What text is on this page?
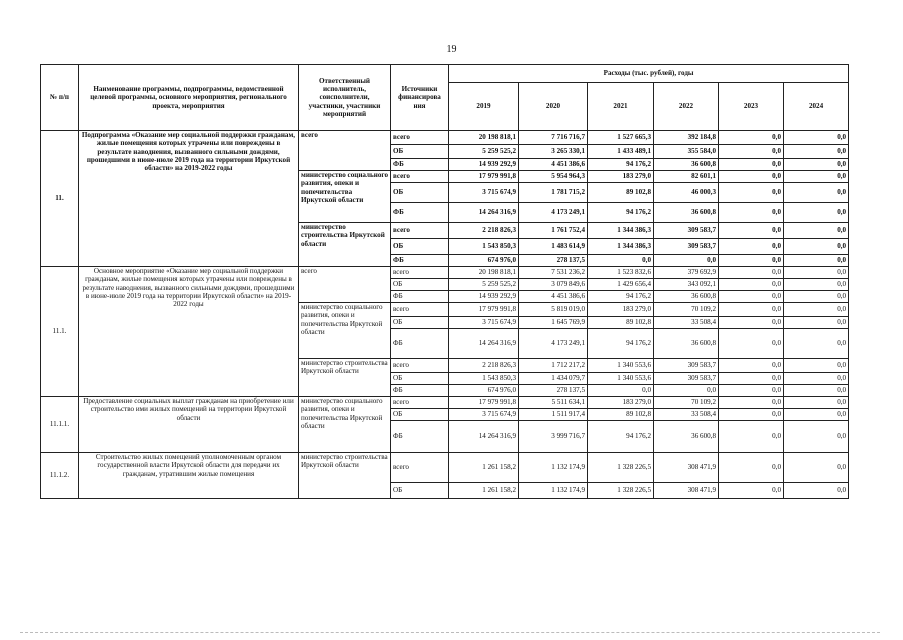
19
№ п/п	Наименование программы, подпрограммы, ведомственной целевой программы, основного мероприятия, регионального проекта, мероприятия	Ответственный исполнитель, соисполнители, участники, участники мероприятий	Источники финансирова ния	Расходы (тыс. рублей), годы					
				2019	2020	2021	2022	2023	2024
11.	Подпрограмма «Оказание мер социальной поддержки гражданам, жилые помещения которых утрачены или повреждены в результате наводнения, вызванного сильными дождями, прошедшими в июне-июле 2019 года на территории Иркутской области» на 2019-2022 годы	всего	всего	20 198 818,1	7 716 716,7	1 527 665,3	392 184,8	0,0	0,0
			ОБ	5 259 525,2	3 265 330,1	1 433 489,1	355 584,0	0,0	0,0
			ФБ	14 939 292,9	4 451 386,6	94 176,2	36 600,8	0,0	0,0
		министерство социального развития, опеки и попечительства Иркутской области	всего	17 979 991,8	5 954 964,3	183 279,0	82 601,1	0,0	0,0
			ОБ	3 715 674,9	1 781 715,2	89 102,8	46 000,3	0,0	0,0
			ФБ	14 264 316,9	4 173 249,1	94 176,2	36 600,8	0,0	0,0
		министерство строительства Иркутской области	всего	2 218 826,3	1 761 752,4	1 344 386,3	309 583,7	0,0	0,0
			ОБ	1 543 850,3	1 483 614,9	1 344 386,3	309 583,7	0,0	0,0
			ФБ	674 976,0	278 137,5	0,0	0,0	0,0	0,0
11.1.	Основное мероприятие «Оказание мер социальной поддержки гражданам, жилые помещения которых утрачены или повреждены в результате наводнения, вызванного сильными дождями, прошедшими в июне-июле 2019 года на территории Иркутской области» на 2019-2022 годы	всего	всего	20 198 818,1	7 531 236,2	1 523 832,6	379 692,9	0,0	0,0
			ОБ	5 259 525,2	3 079 849,6	1 429 656,4	343 092,1	0,0	0,0
			ФБ	14 939 292,9	4 451 386,6	94 176,2	36 600,8	0,0	0,0
		министерство социального развития, опеки и попечительства Иркутской области	всего	17 979 991,8	5 819 019,0	183 279,0	70 109,2	0,0	0,0
			ОБ	3 715 674,9	1 645 769,9	89 102,8	33 508,4	0,0	0,0
			ФБ	14 264 316,9	4 173 249,1	94 176,2	36 600,8	0,0	0,0
		министерство строительства Иркутской области	всего	2 218 826,3	1 712 217,2	1 340 553,6	309 583,7	0,0	0,0
			ОБ	1 543 850,3	1 434 079,7	1 340 553,6	309 583,7	0,0	0,0
			ФБ	674 976,0	278 137,5	0,0	0,0	0,0	0,0
11.1.1.	Предоставление социальных выплат гражданам на приобретение или строительство ими жилых помещений на территории Иркутской области	министерство социального развития, опеки и попечительства Иркутской области	всего	17 979 991,8	5 511 634,1	183 279,0	70 109,2	0,0	0,0
			ОБ	3 715 674,9	1 511 917,4	89 102,8	33 508,4	0,0	0,0
			ФБ	14 264 316,9	3 999 716,7	94 176,2	36 600,8	0,0	0,0
11.1.2.	Строительство жилых помещений уполномоченным органом государственной власти Иркутской области для передачи их гражданам, утратившим жилые помещения	министерство строительства Иркутской области	всего	1 261 158,2	1 132 174,9	1 328 226,5	308 471,9	0,0	0,0
			ОБ	1 261 158,2	1 132 174,9	1 328 226,5	308 471,9	0,0	0,0
